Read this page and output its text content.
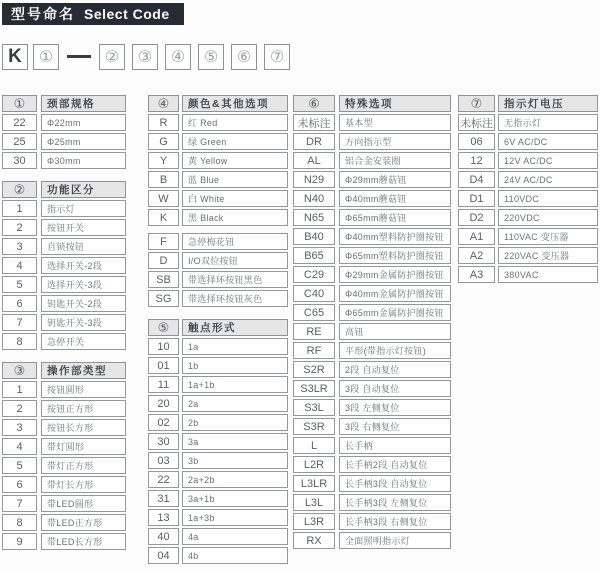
型号命名 Select Code
K	①	②	③	④	⑤	⑥	⑦
①	颈部规格
22	Φ22mm
25	Φ25mm
30	Φ30mm
②	功能区分
1	指示灯
2	按钮开关
3	自锁按钮
4	选择开关-2段
5	选择开关-3段
6	钥匙开关-2段
7	钥匙开关-3段
8	急停开关
③	操作部类型
1	按钮圆形
2	按钮正方形
3	按钮长方形
4	带灯圆形
5	带灯正方形
6	带灯长方形
7	带LED圆形
8	带LED正方形
9	带LED长方形
④	颜色&其他选项
R	红 Red
G	绿 Green
Y	黄 Yellow
B	蓝 Blue
W	白 White
K	黑 Black
F	急停梅花钮
D	I/O双位按钮
SB	带选择环按钮黑色
SG	带选择环按钮灰色
⑤	触点形式
10	1a
01	1b
11	1a+1b
20	2a
02	2b
30	3a
03	3b
22	2a+2b
31	3a+1b
13	1a+3b
40	4a
04	4b
⑥	特殊选项
未标注	基本型
DR	方向指示型
AL	铝合金安装圈
N29	Φ29mm蘑菇钮
N40	Φ40mm蘑菇钮
N65	Φ65mm蘑菇钮
B40	Φ40mm塑料防护圈按钮
B65	Φ65mm塑料防护圈按钮
C29	Φ29mm金属防护圈按钮
C40	Φ40mm金属防护圈按钮
C65	Φ65mm金属防护圈按钮
RE	高钮
RF	平形(带指示灯按钮)
S2R	2段 自动复位
S3LR	3段 自动复位
S3L	3段 左侧复位
S3R	3段 右侧复位
L	长手柄
L2R	长手柄2段 自动复位
L3LR	长手柄3段 自动复位
L3L	长手柄3段 左侧复位
L3R	长手柄3段 右侧复位
RX	全面照明指示灯
⑦	指示灯电压
未标注	无指示灯
06	6V AC/DC
12	12V AC/DC
D4	24V AC/DC
D1	110VDC
D2	220VDC
A1	110VAC 变压器
A2	220VAC 变压器
A3	380VAC
